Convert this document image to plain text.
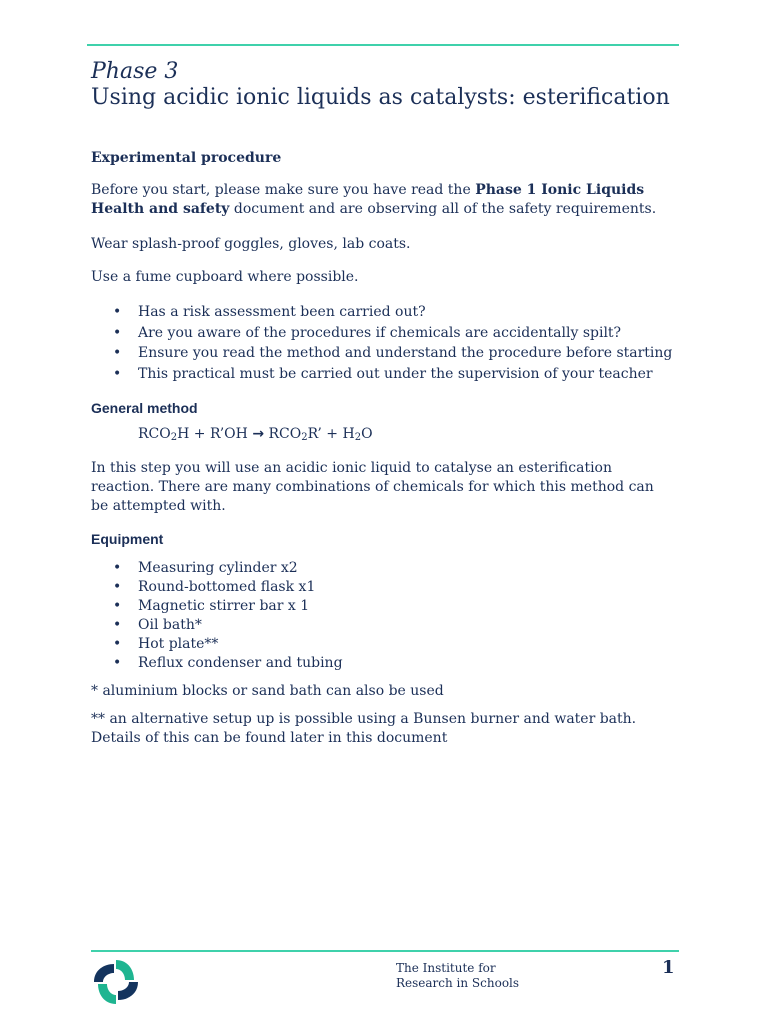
Phase 3
Using acidic ionic liquids as catalysts: esterification
Experimental procedure
Before you start, please make sure you have read the Phase 1 Ionic Liquids Health and safety document and are observing all of the safety requirements.
Wear splash-proof goggles, gloves, lab coats.
Use a fume cupboard where possible.
• Has a risk assessment been carried out?
• Are you aware of the procedures if chemicals are accidentally spilt?
• Ensure you read the method and understand the procedure before starting
• This practical must be carried out under the supervision of your teacher
General method
$RCO_2H$ + R’OH → $RCO_2R$’ + $H_2O$
In this step you will use an acidic ionic liquid to catalyse an esterification reaction. There are many combinations of chemicals for which this method can be attempted with.
Equipment
• Measuring cylinder x2
• Round-bottomed flask x1
• Magnetic stirrer bar x 1
• Oil bath*
• Hot plate**
• Reflux condenser and tubing
* aluminium blocks or sand bath can also be used
** an alternative setup up is possible using a Bunsen burner and water bath. Details of this can be found later in this document
The Institute for
Research in Schools
1
